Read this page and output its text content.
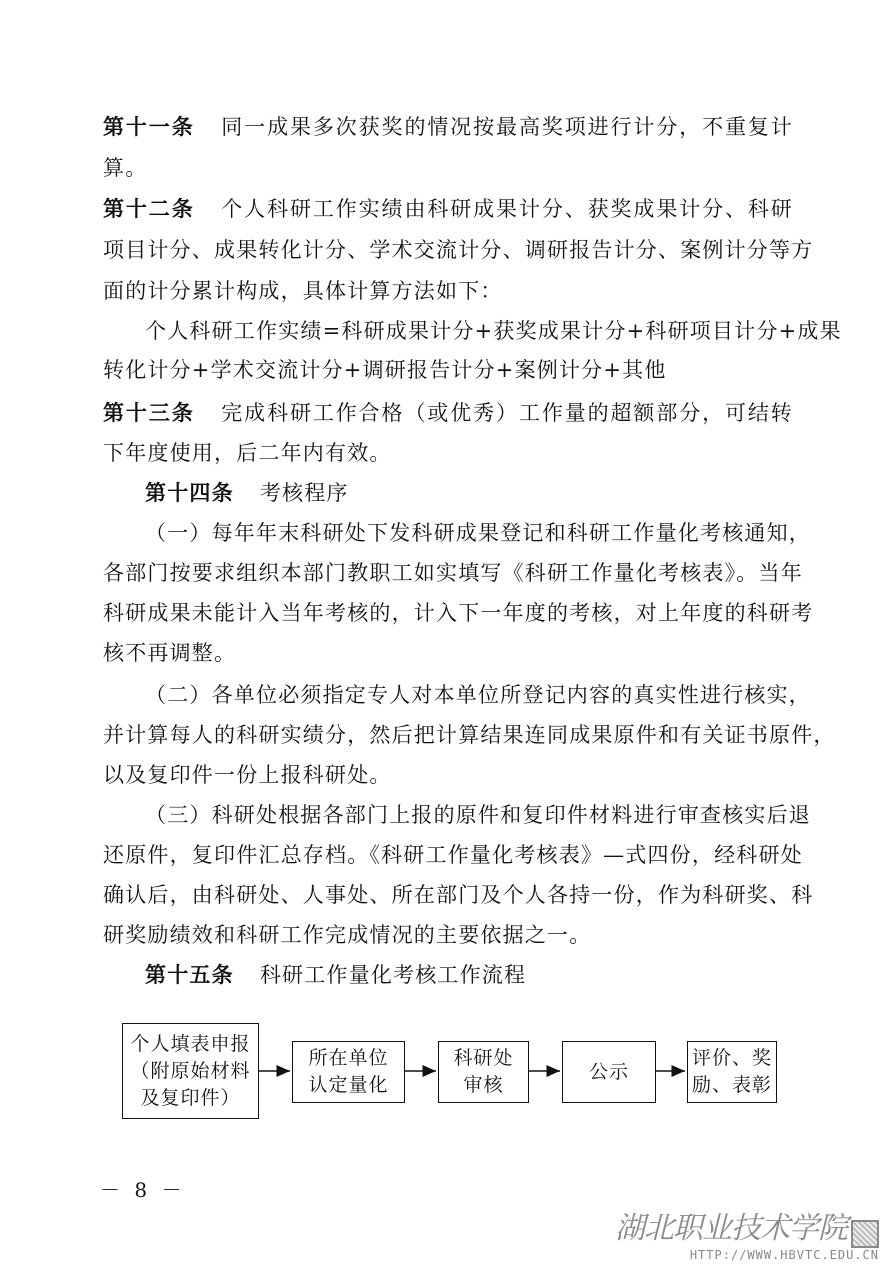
第十一条 同一成果多次获奖的情况按最高奖项进行计分，不重复计
算。
第十二条 个人科研工作实绩由科研成果计分、获奖成果计分、科研
项目计分、成果转化计分、学术交流计分、调研报告计分、案例计分等方
面的计分累计构成，具体计算方法如下：
个人科研工作实绩=科研成果计分+获奖成果计分+科研项目计分+成果
转化计分+学术交流计分+调研报告计分+案例计分+其他
第十三条 完成科研工作合格（或优秀）工作量的超额部分，可结转
下年度使用，后二年内有效。
第十四条 考核程序
（一）每年年末科研处下发科研成果登记和科研工作量化考核通知，
各部门按要求组织本部门教职工如实填写《科研工作量化考核表》。当年
科研成果未能计入当年考核的，计入下一年度的考核，对上年度的科研考
核不再调整。
（二）各单位必须指定专人对本单位所登记内容的真实性进行核实，
并计算每人的科研实绩分，然后把计算结果连同成果原件和有关证书原件，
以及复印件一份上报科研处。
（三）科研处根据各部门上报的原件和复印件材料进行审查核实后退
还原件，复印件汇总存档。《科研工作量化考核表》—式四份，经科研处
确认后，由科研处、人事处、所在部门及个人各持一份，作为科研奖、科
研奖励绩效和科研工作完成情况的主要依据之一。
第十五条 科研工作量化考核工作流程
个人填表申报
（附原始材料
及复印件）
所在单位
认定量化
科研处
审核
公示
评价、奖
励、表彰
－ 8 －
湖北职业技术学院
HTTP://WWW.HBVTC.EDU.CN
